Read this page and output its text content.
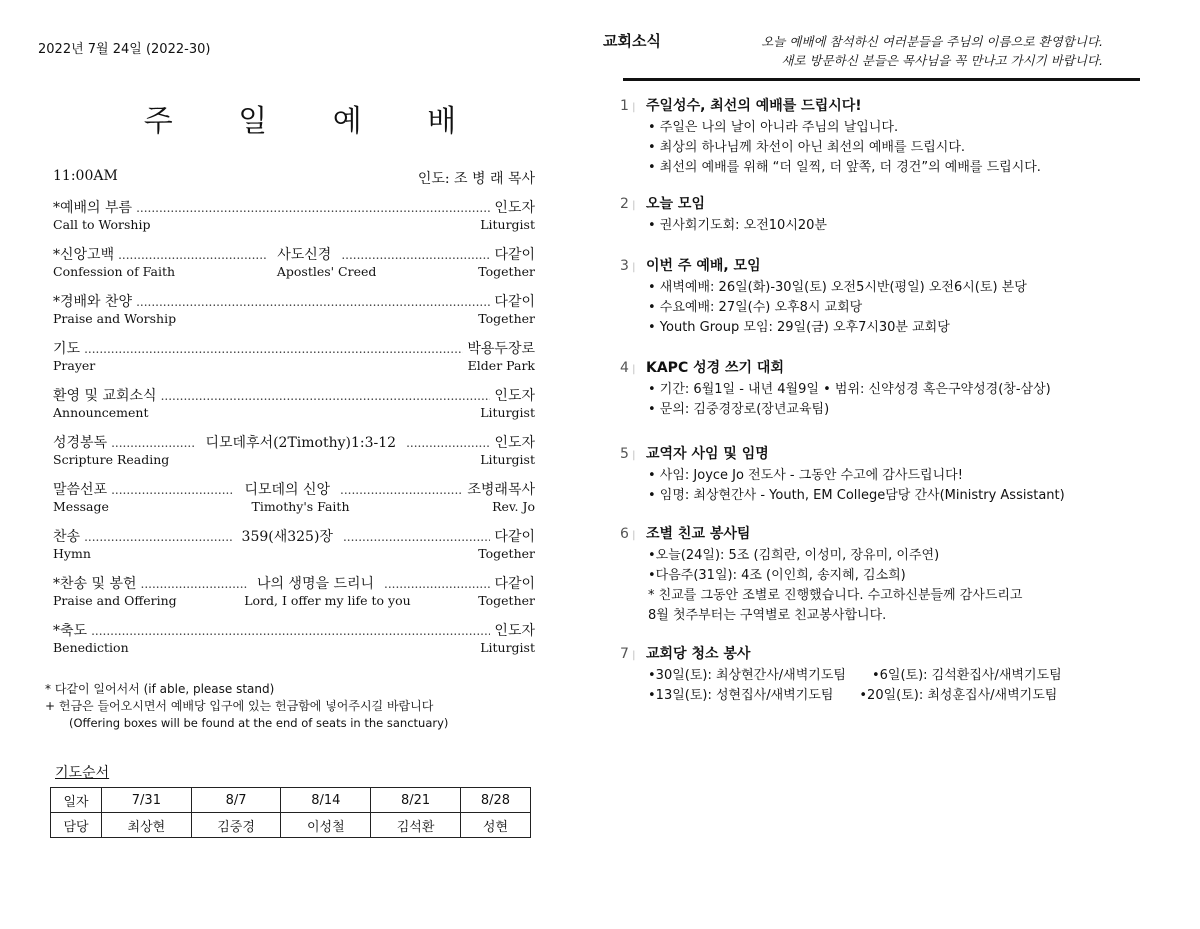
2022년 7월 24일 (2022-30)
주 일 예 배
11:00AM	인도: 조 병 래 목사
*예배의 부름 .....	인도자
Call to Worship	Liturgist
*신앙고백 .....	사도신경 .....	다같이
Confession of Faith	Apostles' Creed	Together
*경배와 찬양 .....	다같이
Praise and Worship	Together
기도 .....	박용두장로
Prayer	Elder Park
환영 및 교회소식 .....	인도자
Announcement	Liturgist
성경봉독 .....	디모데후서(2Timothy)1:3-12 .....	인도자
Scripture Reading	Liturgist
말씀선포 .....	디모데의 신앙 .....	조병래목사
Message	Timothy's Faith	Rev. Jo
찬송 .....	359(새325)장 .....	다같이
Hymn	Together
*찬송 및 봉헌 .....	나의 생명을 드리니 .....	다같이
Praise and Offering	Lord, I offer my life to you	Together
*축도 .....	인도자
Benediction	Liturgist
* 다같이 일어서서 (if able, please stand)
+ 헌금은 들어오시면서 예배당 입구에 있는 헌금함에 넣어주시길 바랍니다
(Offering boxes will be found at the end of seats in the sanctuary)
기도순서
일자	7/31	8/7	8/14	8/21	8/28
담당	최상현	김중경	이성철	김석환	성현
교회소식	오늘 예배에 참석하신 여러분들을 주님의 이름으로 환영합니다.
새로 방문하신 분들은 목사님을 꼭 만나고 가시기 바랍니다.
1 |	주일성수, 최선의 예배를 드립시다!
• 주일은 나의 날이 아니라 주님의 날입니다.
• 최상의 하나님께 차선이 아닌 최선의 예배를 드립시다.
• 최선의 예배를 위해 “더 일찍, 더 앞쪽, 더 경건”의 예배를 드립시다.
2 |	오늘 모임
• 권사회기도회: 오전10시20분
3 |	이번 주 예배, 모임
• 새벽예배: 26일(화)-30일(토) 오전5시반(평일) 오전6시(토) 본당
• 수요예배: 27일(수) 오후8시 교회당
• Youth Group 모임: 29일(금) 오후7시30분 교회당
4 |	KAPC 성경 쓰기 대회
• 기간: 6월1일 - 내년 4월9일 • 범위: 신약성경 혹은구약성경(창-삼상)
• 문의: 김중경장로(장년교육팀)
5 |	교역자 사임 및 임명
• 사임: Joyce Jo 전도사 - 그동안 수고에 감사드립니다!
• 임명: 최상현간사 - Youth, EM College담당 간사(Ministry Assistant)
6 |	조별 친교 봉사팀
•오늘(24일): 5조 (김희란, 이성미, 장유미, 이주연)
•다음주(31일): 4조 (이인희, 송지혜, 김소희)
* 친교를 그동안 조별로 진행했습니다. 수고하신분들께 감사드리고
8월 첫주부터는 구역별로 친교봉사합니다.
7 |	교회당 청소 봉사
•30일(토): 최상현간사/새벽기도팀 •6일(토): 김석환집사/새벽기도팀
•13일(토): 성현집사/새벽기도팀 •20일(토): 최성훈집사/새벽기도팀
